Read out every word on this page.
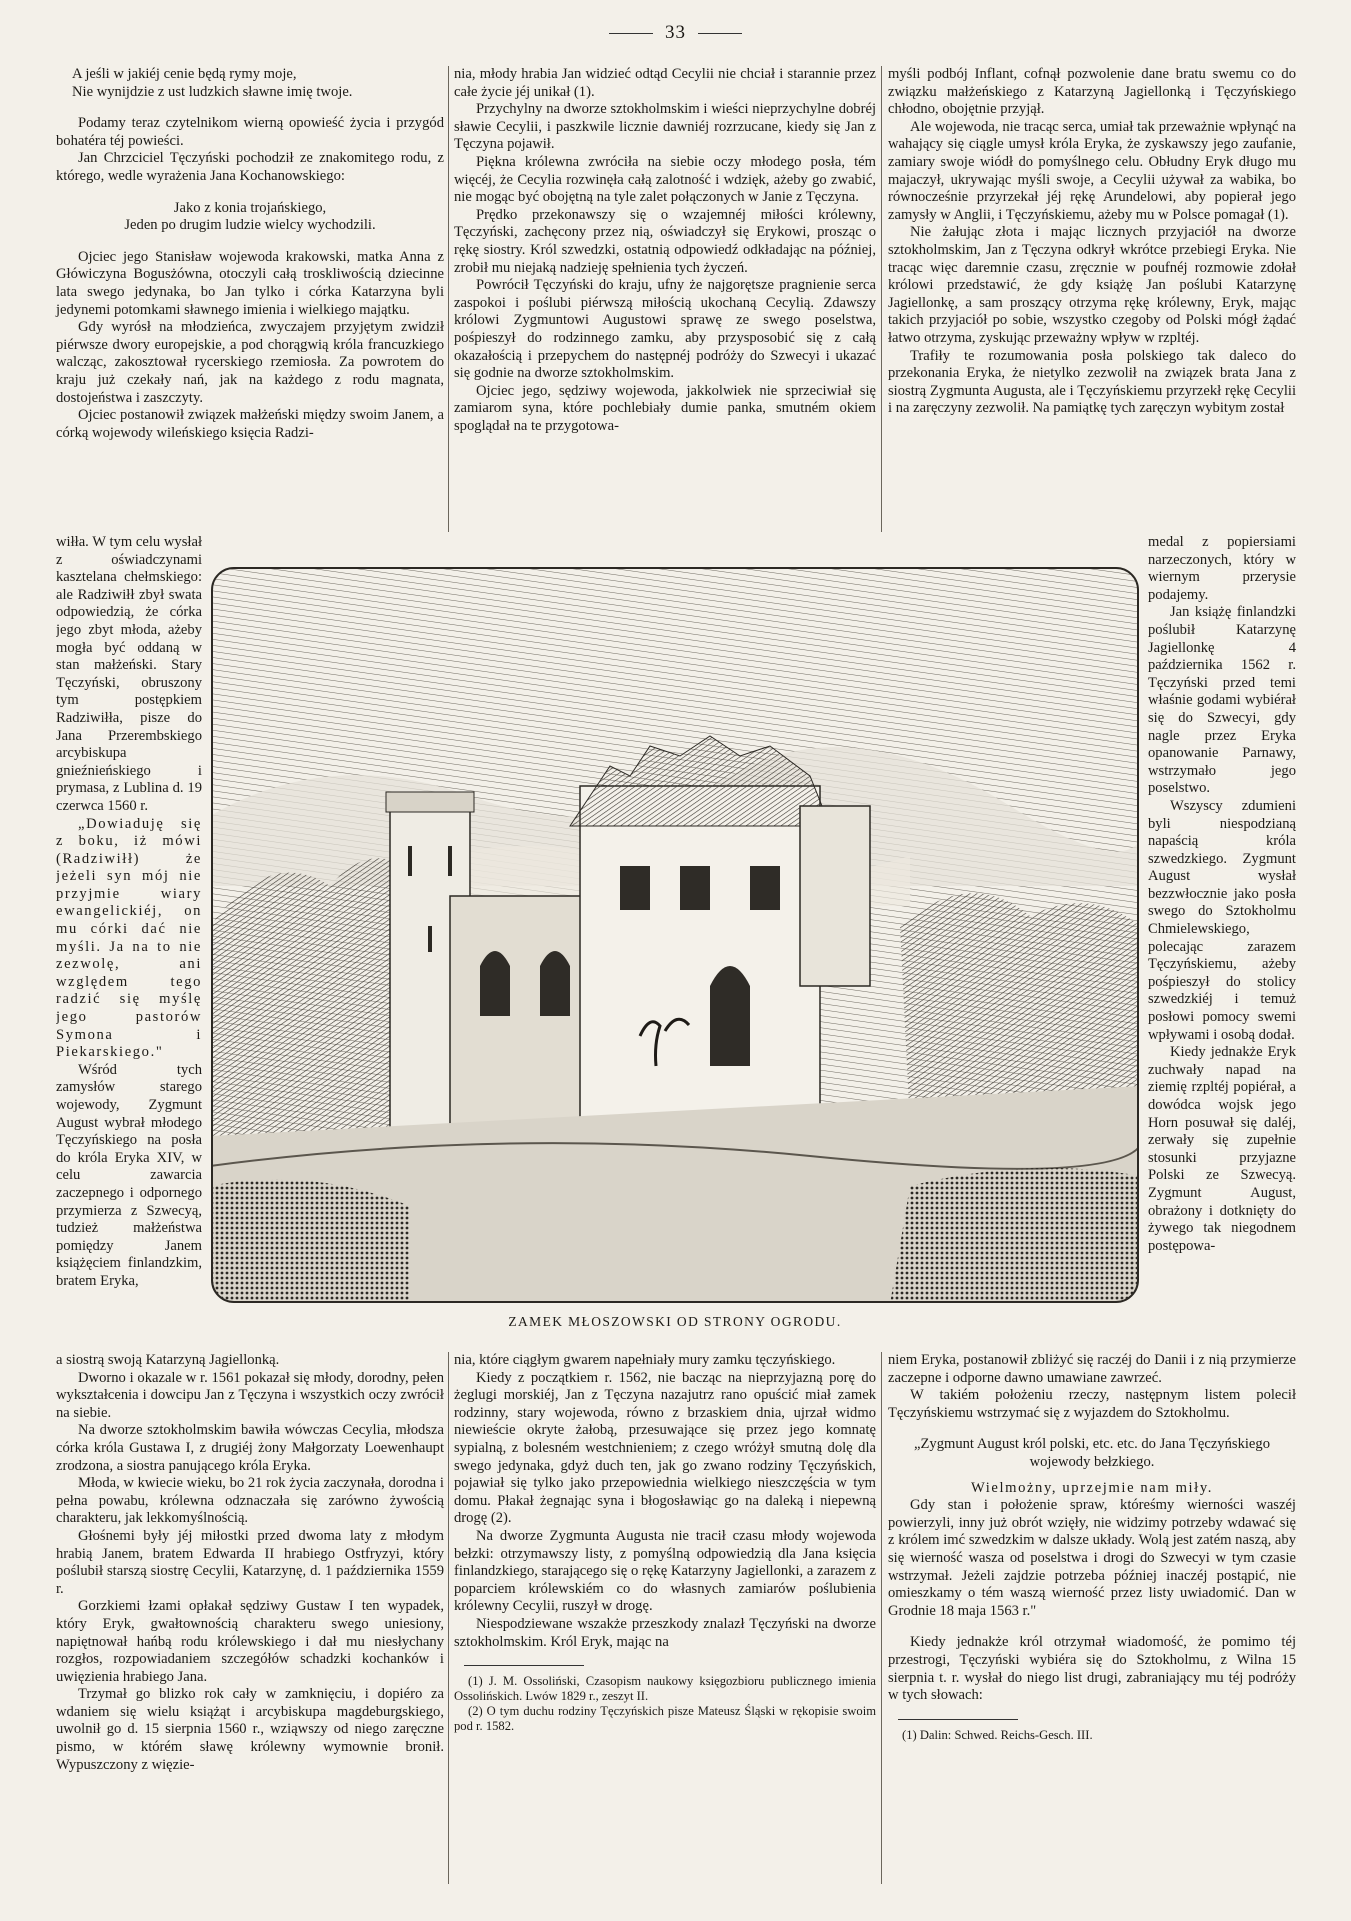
33

A jeśli w jakiéj cenie będą rymy moje,

Nie wynijdzie z ust ludzkich sławne imię twoje.

Podamy teraz czytelnikom wierną opowieść życia i przygód bohatéra téj powieści.

Jan Chrzciciel Tęczyński pochodził ze znakomitego rodu, z którego, wedle wyrażenia Jana Kochanowskiego:

Jako z konia trojańskiego,

Jeden po drugim ludzie wielcy wychodzili.

Ojciec jego Stanisław wojewoda krakowski, matka Anna z Główiczyna Bogusżówna, otoczyli całą troskliwością dziecinne lata swego jedynaka, bo Jan tylko i córka Katarzyna byli jedynemi potomkami sławnego imienia i wielkiego majątku.

Gdy wyrósł na młodzieńca, zwyczajem przyjętym zwidził piérwsze dwory europejskie, a pod chorągwią króla francuzkiego walcząc, zakosztował rycerskiego rzemiosła. Za powrotem do kraju już czekały nań, jak na każdego z rodu magnata, dostojeństwa i zaszczyty.

Ojciec postanowił związek małżeński między swoim Janem, a córką wojewody wileńskiego księcia Radzi-

nia, młody hrabia Jan widzieć odtąd Cecylii nie chciał i starannie przez całe życie jéj unikał (1).

Przychylny na dworze sztokholmskim i wieści nieprzychylne dobréj sławie Cecylii, i paszkwile licznie dawniéj rozrzucane, kiedy się Jan z Tęczyna pojawił.

Piękna królewna zwróciła na siebie oczy młodego posła, tém więcéj, że Cecylia rozwinęła całą zalotność i wdzięk, ażeby go zwabić, nie mogąc być obojętną na tyle zalet połączonych w Janie z Tęczyna.

Prędko przekonawszy się o wzajemnéj miłości królewny, Tęczyński, zachęcony przez nią, oświadczył się Erykowi, prosząc o rękę siostry. Król szwedzki, ostatnią odpowiedź odkładając na później, zrobił mu niejaką nadzieję spełnienia tych życzeń.

Powrócił Tęczyński do kraju, ufny że najgorętsze pragnienie serca zaspokoi i poślubi piérwszą miłością ukochaną Cecylią. Zdawszy królowi Zygmuntowi Augustowi sprawę ze swego poselstwa, pośpieszył do rodzinnego zamku, aby przysposobić się z całą okazałością i przepychem do następnéj podróży do Szwecyi i ukazać się godnie na dworze sztokholmskim.

Ojciec jego, sędziwy wojewoda, jakkolwiek nie sprzeciwiał się zamiarom syna, które pochlebiały dumie panka, smutném okiem spoglądał na te przygotowa-

myśli podbój Inflant, cofnął pozwolenie dane bratu swemu co do związku małżeńskiego z Katarzyną Jagiellonką i Tęczyńskiego chłodno, obojętnie przyjął.

Ale wojewoda, nie tracąc serca, umiał tak przeważnie wpłynąć na wahający się ciągle umysł króla Eryka, że zyskawszy jego zaufanie, zamiary swoje wiódł do pomyślnego celu. Obłudny Eryk długo mu majaczył, ukrywając myśli swoje, a Cecylii używał za wabika, bo równocześnie przyrzekał jéj rękę Arundelowi, aby popierał jego zamysły w Anglii, i Tęczyńskiemu, ażeby mu w Polsce pomagał (1).

Nie żałując złota i mając licznych przyjaciół na dworze sztokholmskim, Jan z Tęczyna odkrył wkrótce przebiegi Eryka. Nie tracąc więc daremnie czasu, zręcznie w poufnéj rozmowie zdołał królowi przedstawić, że gdy książę Jan poślubi Katarzynę Jagiellonkę, a sam proszący otrzyma rękę królewny, Eryk, mając takich przyjaciół po sobie, wszystko czegoby od Polski mógł żądać łatwo otrzyma, zyskując przeważny wpływ w rzpltéj.

Trafiły te rozumowania posła polskiego tak daleco do przekonania Eryka, że nietylko zezwolił na związek brata Jana z siostrą Zygmunta Augusta, ale i Tęczyńskiemu przyrzekł rękę Cecylii i na zaręczyny zezwolił. Na pamiątkę tych zaręczyn wybitym został

wiłła. W tym celu wysłał z oświadczynami kasztelana chełmskiego: ale Radziwiłł zbył swata odpowiedzią, że córka jego zbyt młoda, ażeby mogła być oddaną w stan małżeński. Stary Tęczyński, obruszony tym postępkiem Radziwiłła, pisze do Jana Przerembskiego arcybiskupa gnieźnieńskiego i prymasa, z Lublina d. 19 czerwca 1560 r.

„Dowiaduję się z boku, iż mówi (Radziwiłł) że jeżeli syn mój nie przyjmie wiary ewangelickiéj, on mu córki dać nie myśli. Ja na to nie zezwolę, ani względem tego radzić się myślę jego pastorów Symona i Piekarskiego."

Wśród tych zamysłów starego wojewody, Zygmunt August wybrał młodego Tęczyńskiego na posła do króla Eryka XIV, w celu zawarcia zaczepnego i odpornego przymierza z Szwecyą, tudzież małżeństwa pomiędzy Janem książęciem finlandzkim, bratem Eryka,

medal z popiersiami narzeczonych, który w wiernym przerysie podajemy.

Jan książę finlandzki poślubił Katarzynę Jagiellonkę 4 października 1562 r. Tęczyński przed temi właśnie godami wybiérał się do Szwecyi, gdy nagle przez Eryka opanowanie Parnawy, wstrzymało jego poselstwo.

Wszyscy zdumieni byli niespodzianą napaścią króla szwedzkiego. Zygmunt August wysłał bezzwłocznie jako posła swego do Sztokholmu Chmielewskiego, polecając zarazem Tęczyńskiemu, ażeby pośpieszył do stolicy szwedzkiéj i temuż posłowi pomocy swemi wpływami i osobą dodał.

Kiedy jednakże Eryk zuchwały napad na ziemię rzpltéj popiérał, a dowódca wojsk jego Horn posuwał się daléj, zerwały się zupełnie stosunki przyjazne Polski ze Szwecyą. Zygmunt August, obrażony i dotknięty do żywego tak niegodnem postępowa-

ZAMEK MŁOSZOWSKI OD STRONY OGRODU.

a siostrą swoją Katarzyną Jagiellonką.

Dworno i okazale w r. 1561 pokazał się młody, dorodny, pełen wykształcenia i dowcipu Jan z Tęczyna i wszystkich oczy zwrócił na siebie.

Na dworze sztokholmskim bawiła wówczas Cecylia, młodsza córka króla Gustawa I, z drugiéj żony Małgorzaty Loewenhaupt zrodzona, a siostra panującego króla Eryka.

Młoda, w kwiecie wieku, bo 21 rok życia zaczynała, dorodna i pełna powabu, królewna odznaczała się zarówno żywością charakteru, jak lekkomyślnością.

Głośnemi były jéj miłostki przed dwoma laty z młodym hrabią Janem, bratem Edwarda II hrabiego Ostfryzyi, który poślubił starszą siostrę Cecylii, Katarzynę, d. 1 października 1559 r.

Gorzkiemi łzami opłakał sędziwy Gustaw I ten wypadek, który Eryk, gwałtownością charakteru swego uniesiony, napiętnował hańbą rodu królewskiego i dał mu niesłychany rozgłos, rozpowiadaniem szczegółów schadzki kochanków i uwięzienia hrabiego Jana.

Trzymał go blizko rok cały w zamknięciu, i dopiéro za wdaniem się wielu książąt i arcybiskupa magdeburgskiego, uwolnił go d. 15 sierpnia 1560 r., wziąwszy od niego zaręczne pismo, w którém sławę królewny wymownie bronił. Wypuszczony z więzie-

nia, które ciągłym gwarem napełniały mury zamku tęczyńskiego.

Kiedy z początkiem r. 1562, nie bacząc na nieprzyjazną porę do żeglugi morskiéj, Jan z Tęczyna nazajutrz rano opuścić miał zamek rodzinny, stary wojewoda, równo z brzaskiem dnia, ujrzał widmo niewieście okryte żałobą, przesuwające się przez jego komnatę sypialną, z bolesném westchnieniem; z czego wróżył smutną dolę dla swego jedynaka, gdyż duch ten, jak go zwano rodziny Tęczyńskich, pojawiał się tylko jako przepowiednia wielkiego nieszczęścia w tym domu. Płakał żegnając syna i błogosławiąc go na daleką i niepewną drogę (2).

Na dworze Zygmunta Augusta nie tracił czasu młody wojewoda bełzki: otrzymawszy listy, z pomyślną odpowiedzią dla Jana księcia finlandzkiego, starającego się o rękę Katarzyny Jagiellonki, a zarazem z poparciem królewskiém co do własnych zamiarów poślubienia królewny Cecylii, ruszył w drogę.

Niespodziewane wszakże przeszkody znalazł Tęczyński na dworze sztokholmskim. Król Eryk, mając na

(1) J. M. Ossoliński, Czasopism naukowy księgozbioru publicznego imienia Ossolińskich. Lwów 1829 r., zeszyt II.

(2) O tym duchu rodziny Tęczyńskich pisze Mateusz Śląski w rękopisie swoim pod r. 1582.

niem Eryka, postanowił zbliżyć się raczéj do Danii i z nią przymierze zaczepne i odporne dawno umawiane zawrzeć.

W takiém położeniu rzeczy, następnym listem polecił Tęczyńskiemu wstrzymać się z wyjazdem do Sztokholmu.

„Zygmunt August król polski, etc. etc. do Jana Tęczyńskiego wojewody bełzkiego.

Wielmożny, uprzejmie nam miły.

Gdy stan i położenie spraw, któreśmy wierności waszéj powierzyli, inny już obrót wzięły, nie widzimy potrzeby wdawać się z królem imć szwedzkim w dalsze układy. Wolą jest zatém naszą, aby się wierność wasza od poselstwa i drogi do Szwecyi w tym czasie wstrzymał. Jeżeli zajdzie potrzeba później inaczéj postąpić, nie omieszkamy o tém waszą wierność przez listy uwiadomić. Dan w Grodnie 18 maja 1563 r."

Kiedy jednakże król otrzymał wiadomość, że pomimo téj przestrogi, Tęczyński wybiéra się do Sztokholmu, z Wilna 15 sierpnia t. r. wysłał do niego list drugi, zabraniający mu téj podróży w tych słowach:

(1) Dalin: Schwed. Reichs-Gesch. III.
